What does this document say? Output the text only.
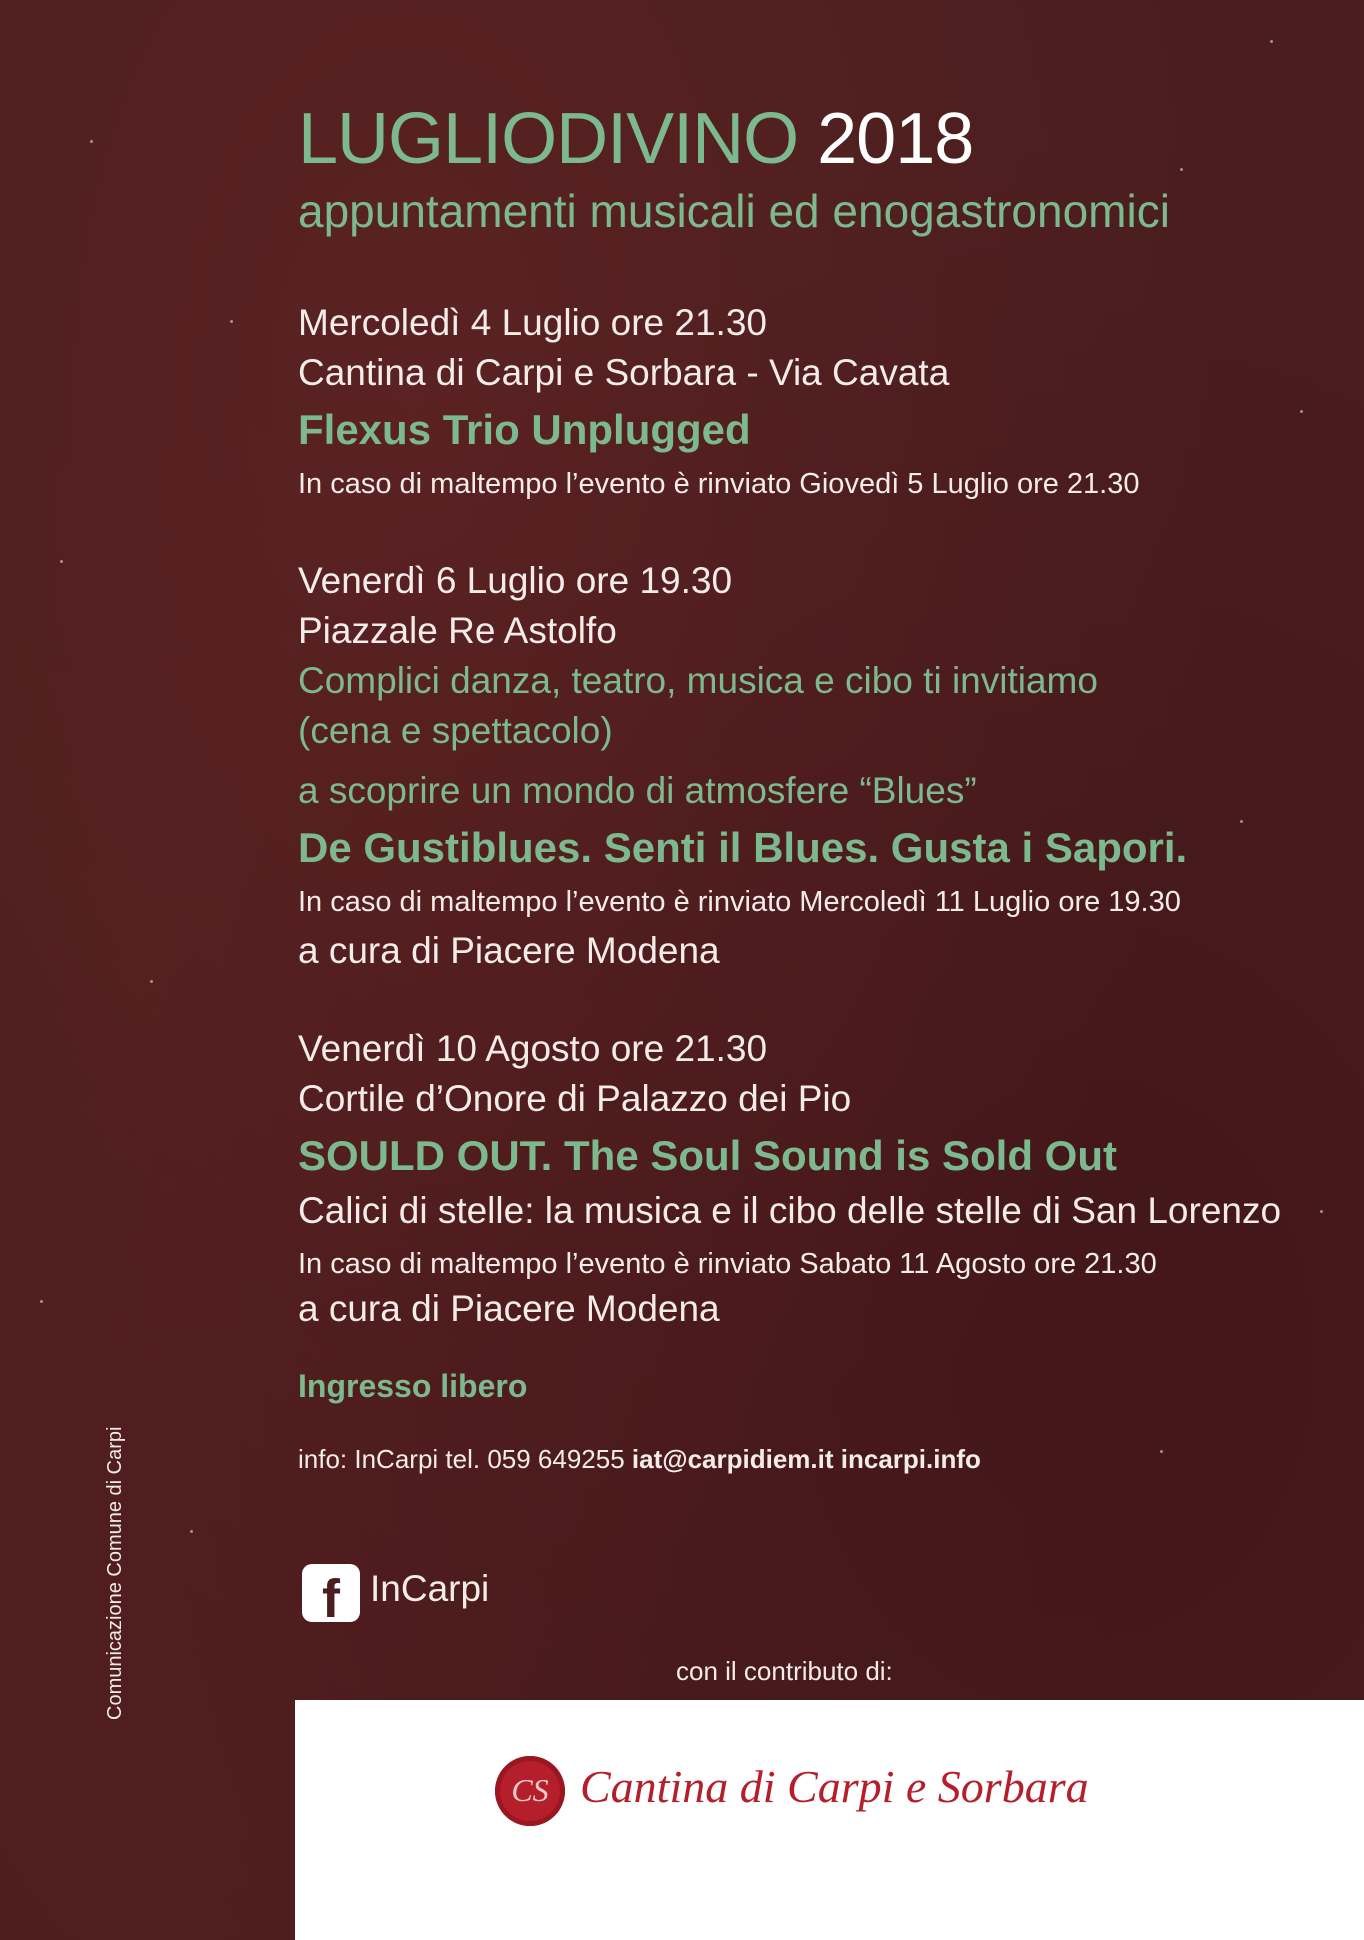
LUGLIODIVINO 2018
appuntamenti musicali ed enogastronomici
Mercoledì 4 Luglio ore 21.30
Cantina di Carpi e Sorbara - Via Cavata
Flexus Trio Unplugged
In caso di maltempo l’evento è rinviato Giovedì 5 Luglio ore 21.30
Venerdì 6 Luglio ore 19.30
Piazzale Re Astolfo
Complici danza, teatro, musica e cibo ti invitiamo
(cena e spettacolo)
a scoprire un mondo di atmosfere “Blues”
De Gustiblues. Senti il Blues. Gusta i Sapori.
In caso di maltempo l’evento è rinviato Mercoledì 11 Luglio ore 19.30
a cura di Piacere Modena
Venerdì 10 Agosto ore 21.30
Cortile d’Onore di Palazzo dei Pio
SOULD OUT. The Soul Sound is Sold Out
Calici di stelle: la musica e il cibo delle stelle di San Lorenzo
In caso di maltempo l’evento è rinviato Sabato 11 Agosto ore 21.30
a cura di Piacere Modena
Ingresso libero
info: InCarpi tel. 059 649255 iat@carpidiem.it incarpi.info
InCarpi
con il contributo di:
f
Comunicazione Comune di Carpi
CS Cantina di Carpi e Sorbara
